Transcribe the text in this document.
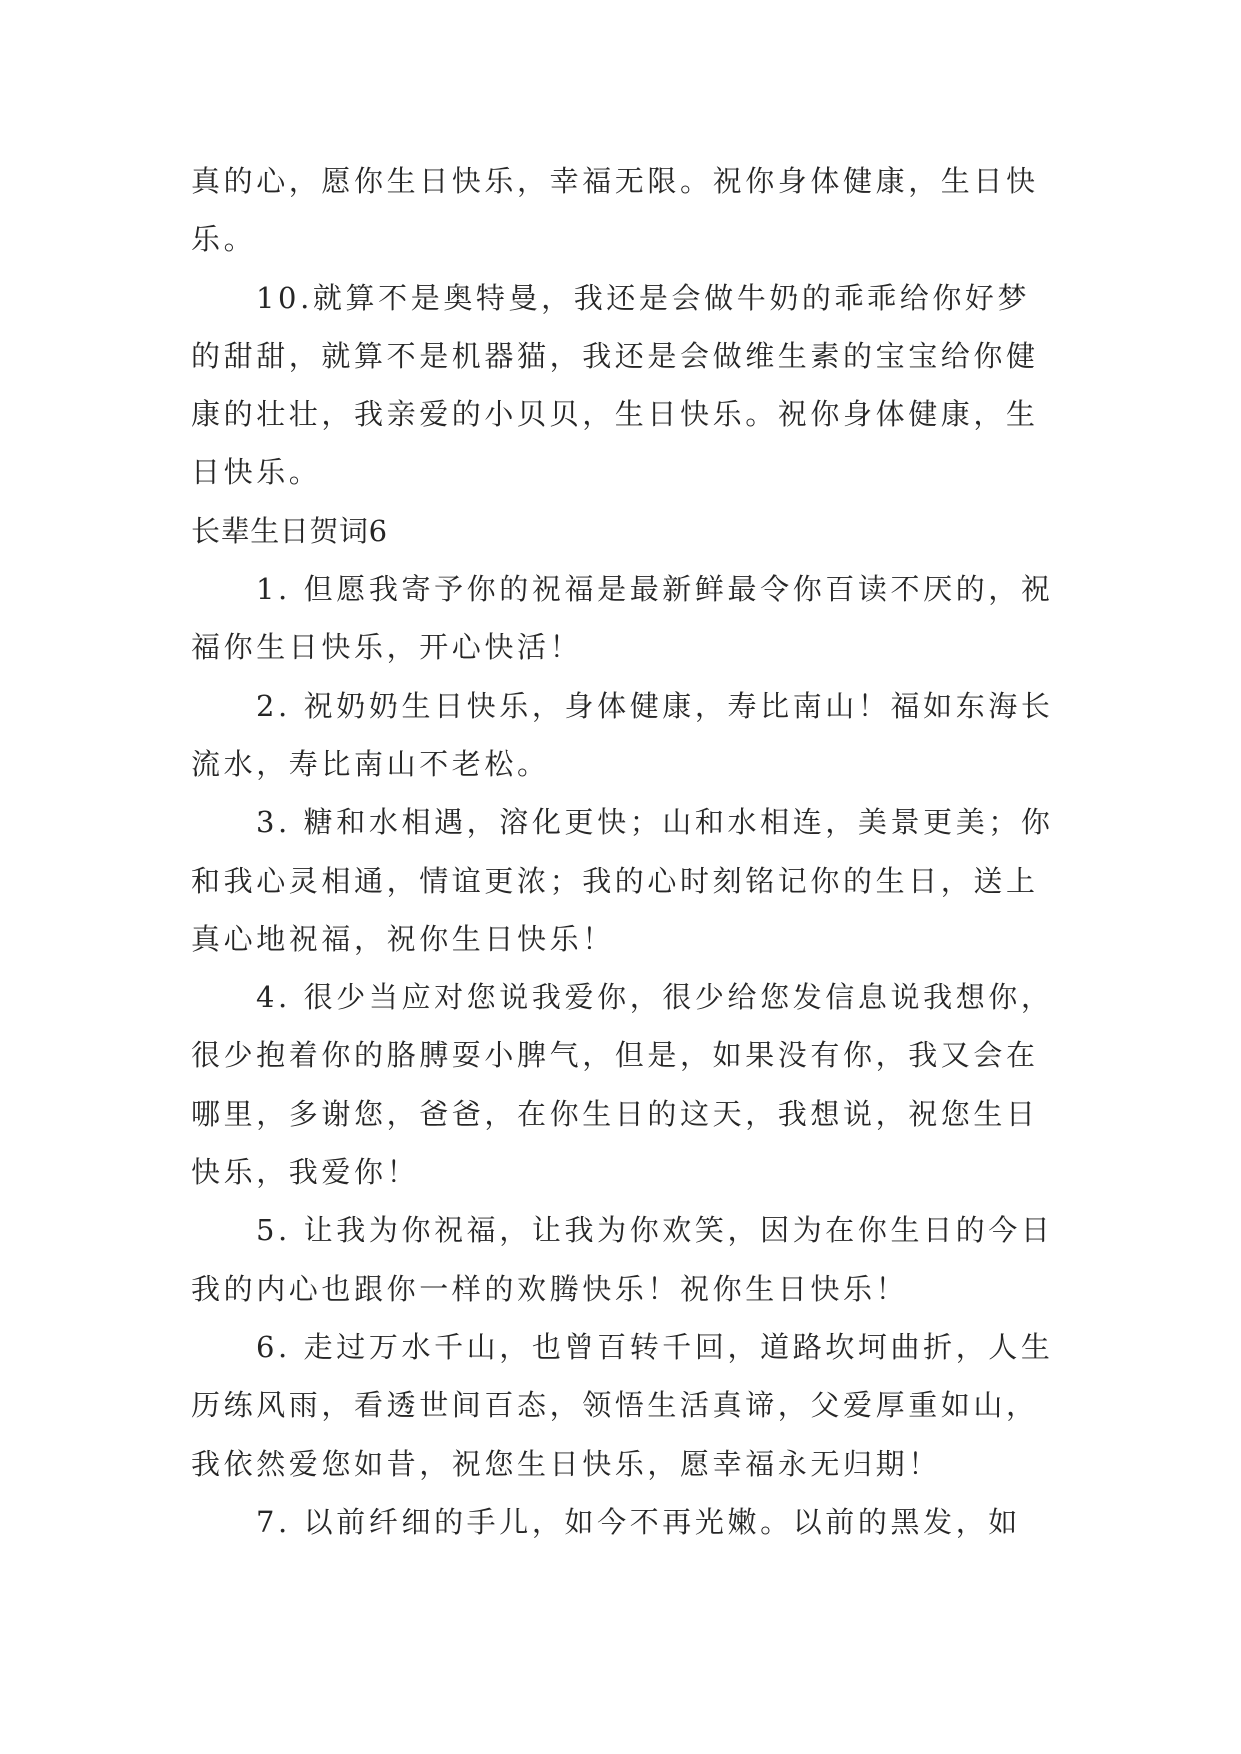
真的心，愿你生日快乐，幸福无限。祝你身体健康，生日快乐。

10.就算不是奥特曼，我还是会做牛奶的乖乖给你好梦的甜甜，就算不是机器猫，我还是会做维生素的宝宝给你健康的壮壮，我亲爱的小贝贝，生日快乐。祝你身体健康，生日快乐。

长辈生日贺词6

1. 但愿我寄予你的祝福是最新鲜最令你百读不厌的，祝福你生日快乐，开心快活！

2. 祝奶奶生日快乐，身体健康，寿比南山！福如东海长流水，寿比南山不老松。

3. 糖和水相遇，溶化更快；山和水相连，美景更美；你和我心灵相通，情谊更浓；我的心时刻铭记你的生日，送上真心地祝福，祝你生日快乐！

4. 很少当应对您说我爱你，很少给您发信息说我想你，很少抱着你的胳膊耍小脾气，但是，如果没有你，我又会在哪里，多谢您，爸爸，在你生日的这天，我想说，祝您生日快乐，我爱你！

5. 让我为你祝福，让我为你欢笑，因为在你生日的今日我的内心也跟你一样的欢腾快乐！祝你生日快乐！

6. 走过万水千山，也曾百转千回，道路坎坷曲折，人生历练风雨，看透世间百态，领悟生活真谛，父爱厚重如山，我依然爱您如昔，祝您生日快乐，愿幸福永无归期！

7. 以前纤细的手儿，如今不再光嫩。以前的黑发，如
